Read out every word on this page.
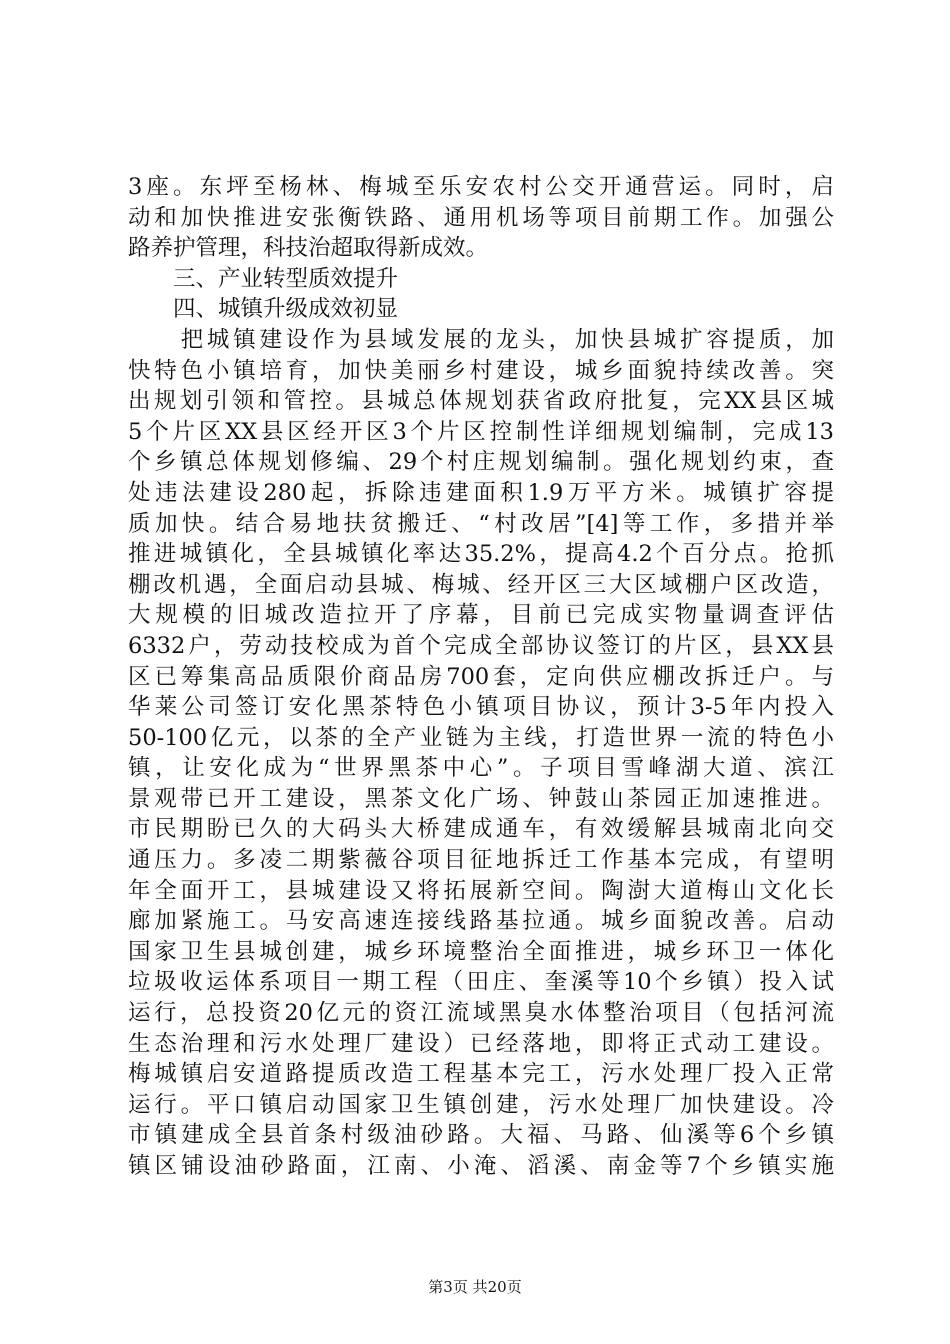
3座。东坪至杨林、梅城至乐安农村公交开通营运。同时，启
动和加快推进安张衡铁路、通用机场等项目前期工作。加强公
路养护管理，科技治超取得新成效。
　　三、产业转型质效提升
　　四、城镇升级成效初显
　　把城镇建设作为县域发展的龙头，加快县城扩容提质，加
快特色小镇培育，加快美丽乡村建设，城乡面貌持续改善。突
出规划引领和管控。县城总体规划获省政府批复，完XX县区城
5个片区XX县区经开区3个片区控制性详细规划编制，完成13
个乡镇总体规划修编、29个村庄规划编制。强化规划约束，查
处违法建设280起，拆除违建面积1.9万平方米。城镇扩容提
质加快。结合易地扶贫搬迁、“村改居”[4]等工作，多措并举
推进城镇化，全县城镇化率达35.2%，提高4.2个百分点。抢抓
棚改机遇，全面启动县城、梅城、经开区三大区域棚户区改造，
大规模的旧城改造拉开了序幕，目前已完成实物量调查评估
6332户，劳动技校成为首个完成全部协议签订的片区，县XX县
区已筹集高品质限价商品房700套，定向供应棚改拆迁户。与
华莱公司签订安化黑茶特色小镇项目协议，预计3-5年内投入
50-100亿元，以茶的全产业链为主线，打造世界一流的特色小
镇，让安化成为“世界黑茶中心”。子项目雪峰湖大道、滨江
景观带已开工建设，黑茶文化广场、钟鼓山茶园正加速推进。
市民期盼已久的大码头大桥建成通车，有效缓解县城南北向交
通压力。多凌二期紫薇谷项目征地拆迁工作基本完成，有望明
年全面开工，县城建设又将拓展新空间。陶澍大道梅山文化长
廊加紧施工。马安高速连接线路基拉通。城乡面貌改善。启动
国家卫生县城创建，城乡环境整治全面推进，城乡环卫一体化
垃圾收运体系项目一期工程（田庄、奎溪等10个乡镇）投入试
运行，总投资20亿元的资江流域黑臭水体整治项目（包括河流
生态治理和污水处理厂建设）已经落地，即将正式动工建设。
梅城镇启安道路提质改造工程基本完工，污水处理厂投入正常
运行。平口镇启动国家卫生镇创建，污水处理厂加快建设。冷
市镇建成全县首条村级油砂路。大福、马路、仙溪等6个乡镇
镇区铺设油砂路面，江南、小淹、滔溪、南金等7个乡镇实施
第3页 共20页
